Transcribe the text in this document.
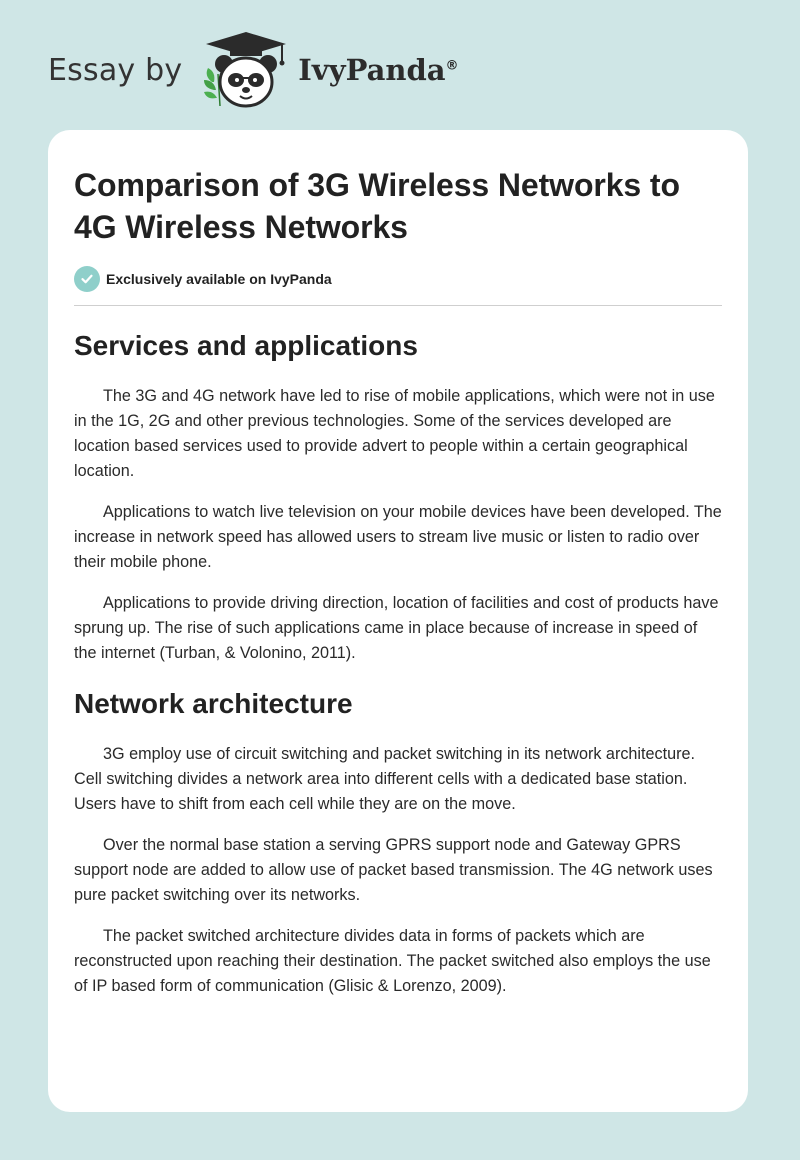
Essay by	IvyPanda®
Comparison of 3G Wireless Networks to 4G Wireless Networks
Exclusively available on IvyPanda
Services and applications

The 3G and 4G network have led to rise of mobile applications, which were not in use in the 1G, 2G and other previous technologies. Some of the services developed are location based services used to provide advert to people within a certain geographical location.

Applications to watch live television on your mobile devices have been developed. The increase in network speed has allowed users to stream live music or listen to radio over their mobile phone.

Applications to provide driving direction, location of facilities and cost of products have sprung up. The rise of such applications came in place because of increase in speed of the internet (Turban, & Volonino, 2011).

Network architecture

3G employ use of circuit switching and packet switching in its network architecture. Cell switching divides a network area into different cells with a dedicated base station. Users have to shift from each cell while they are on the move.

Over the normal base station a serving GPRS support node and Gateway GPRS support node are added to allow use of packet based transmission. The 4G network uses pure packet switching over its networks.

The packet switched architecture divides data in forms of packets which are reconstructed upon reaching their destination. The packet switched also employs the use of IP based form of communication (Glisic & Lorenzo, 2009).
